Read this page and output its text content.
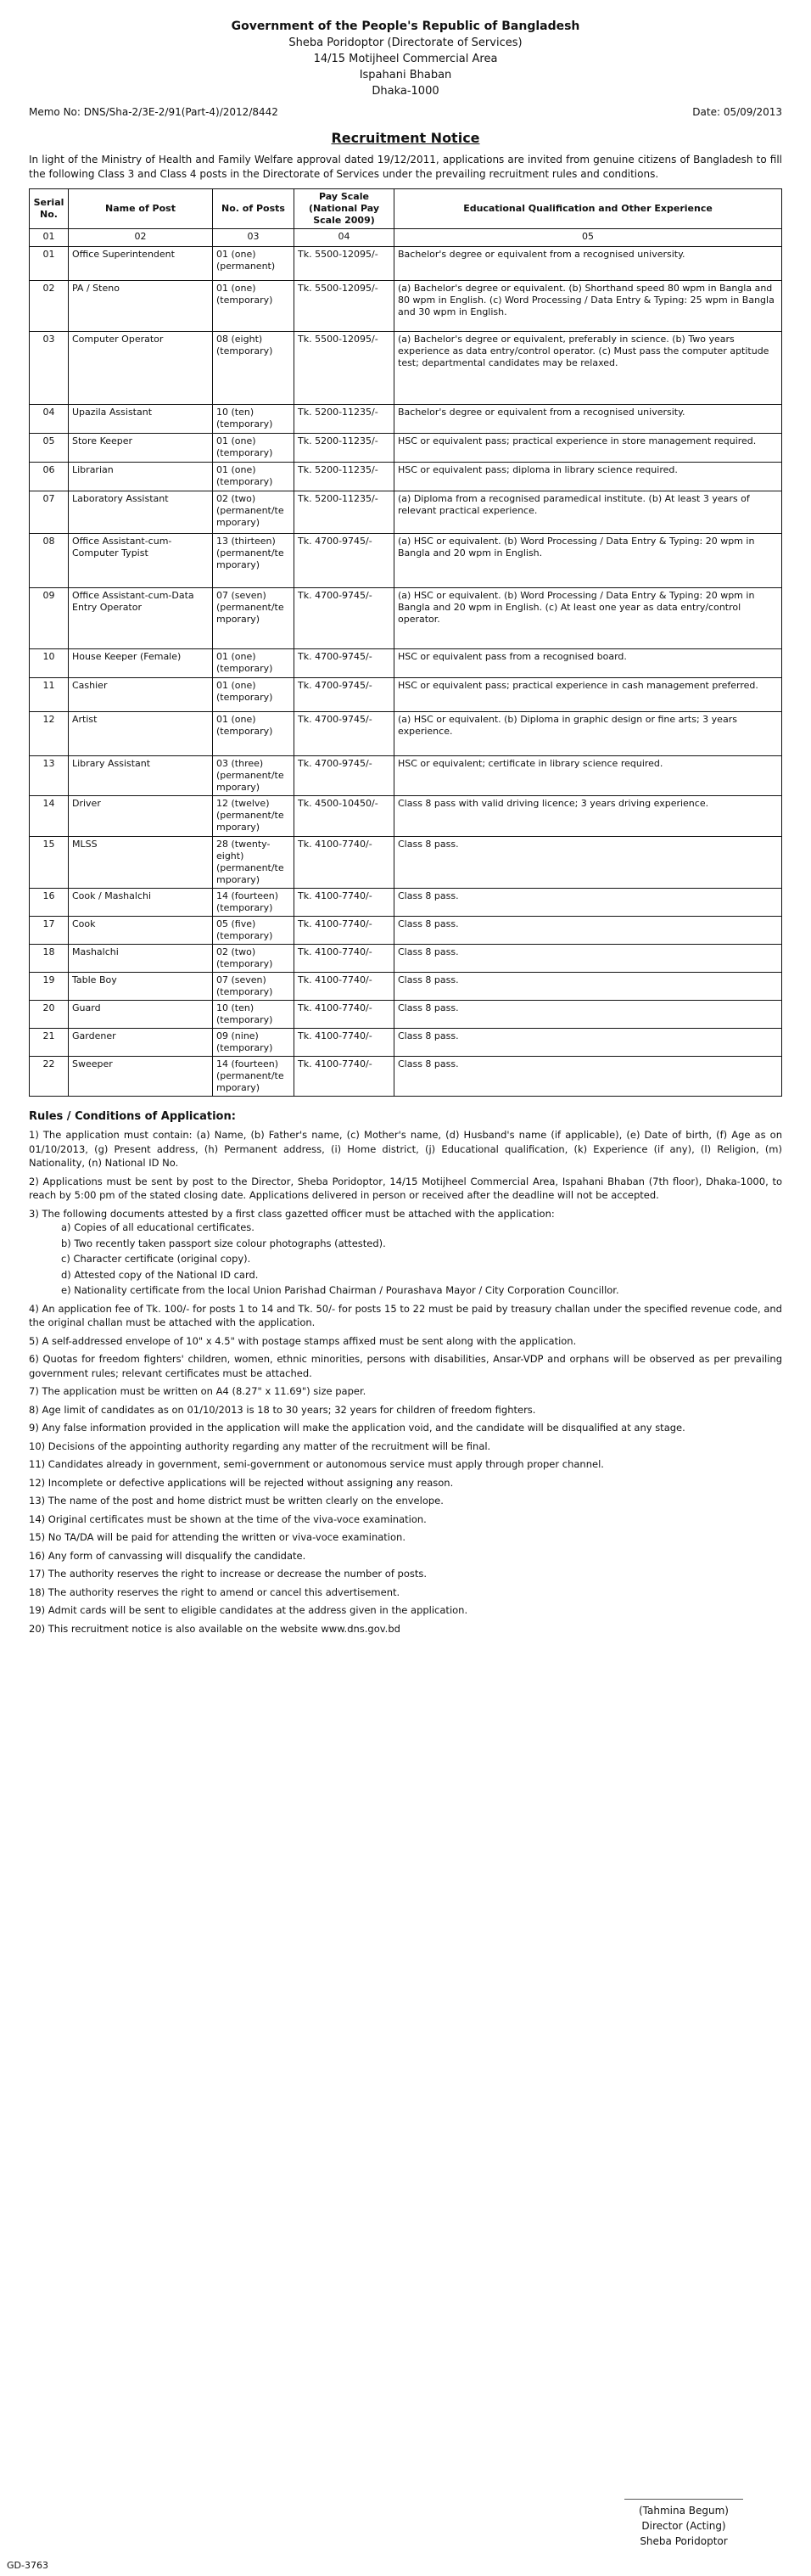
Government of the People's Republic of Bangladesh
Sheba Poridoptor (Directorate of Services)
14/15 Motijheel Commercial Area
Ispahani Bhaban
Dhaka-1000
Memo No: DNS/Sha-2/3E-2/91(Part-4)/2012/8442	Date: 05/09/2013
Recruitment Notice
In light of the Ministry of Health and Family Welfare approval dated 19/12/2011, applications are invited from genuine citizens of Bangladesh to fill the following Class 3 and Class 4 posts in the Directorate of Services under the prevailing recruitment rules and conditions.
Serial No.	Name of Post	No. of Posts	Pay Scale (National Pay Scale 2009)	Educational Qualification and Other Experience
01	02	03	04	05
01	Office Superintendent	01 (one) (permanent)	Tk. 5500-12095/-	Bachelor's degree or equivalent from a recognised university.
02	PA / Steno	01 (one) (temporary)	Tk. 5500-12095/-	(a) Bachelor's degree or equivalent. (b) Shorthand speed 80 wpm in Bangla and 80 wpm in English. (c) Word Processing / Data Entry & Typing: 25 wpm in Bangla and 30 wpm in English.
03	Computer Operator	08 (eight) (temporary)	Tk. 5500-12095/-	(a) Bachelor's degree or equivalent, preferably in science. (b) Two years experience as data entry/control operator. (c) Must pass the computer aptitude test; departmental candidates may be relaxed.
04	Upazila Assistant	10 (ten) (temporary)	Tk. 5200-11235/-	Bachelor's degree or equivalent from a recognised university.
05	Store Keeper	01 (one) (temporary)	Tk. 5200-11235/-	HSC or equivalent pass; practical experience in store management required.
06	Librarian	01 (one) (temporary)	Tk. 5200-11235/-	HSC or equivalent pass; diploma in library science required.
07	Laboratory Assistant	02 (two) (permanent/temporary)	Tk. 5200-11235/-	(a) Diploma from a recognised paramedical institute. (b) At least 3 years of relevant practical experience.
08	Office Assistant-cum-Computer Typist	13 (thirteen) (permanent/temporary)	Tk. 4700-9745/-	(a) HSC or equivalent. (b) Word Processing / Data Entry & Typing: 20 wpm in Bangla and 20 wpm in English.
09	Office Assistant-cum-Data Entry Operator	07 (seven) (permanent/temporary)	Tk. 4700-9745/-	(a) HSC or equivalent. (b) Word Processing / Data Entry & Typing: 20 wpm in Bangla and 20 wpm in English. (c) At least one year as data entry/control operator.
10	House Keeper (Female)	01 (one) (temporary)	Tk. 4700-9745/-	HSC or equivalent pass from a recognised board.
11	Cashier	01 (one) (temporary)	Tk. 4700-9745/-	HSC or equivalent pass; practical experience in cash management preferred.
12	Artist	01 (one) (temporary)	Tk. 4700-9745/-	(a) HSC or equivalent. (b) Diploma in graphic design or fine arts; 3 years experience.
13	Library Assistant	03 (three) (permanent/temporary)	Tk. 4700-9745/-	HSC or equivalent; certificate in library science required.
14	Driver	12 (twelve) (permanent/temporary)	Tk. 4500-10450/-	Class 8 pass with valid driving licence; 3 years driving experience.
15	MLSS	28 (twenty-eight) (permanent/temporary)	Tk. 4100-7740/-	Class 8 pass.
16	Cook / Mashalchi	14 (fourteen) (temporary)	Tk. 4100-7740/-	Class 8 pass.
17	Cook	05 (five) (temporary)	Tk. 4100-7740/-	Class 8 pass.
18	Mashalchi	02 (two) (temporary)	Tk. 4100-7740/-	Class 8 pass.
19	Table Boy	07 (seven) (temporary)	Tk. 4100-7740/-	Class 8 pass.
20	Guard	10 (ten) (temporary)	Tk. 4100-7740/-	Class 8 pass.
21	Gardener	09 (nine) (temporary)	Tk. 4100-7740/-	Class 8 pass.
22	Sweeper	14 (fourteen) (permanent/temporary)	Tk. 4100-7740/-	Class 8 pass.
Rules / Conditions of Application:
1) The application must contain: (a) Name, (b) Father's name, (c) Mother's name, (d) Husband's name (if applicable), (e) Date of birth, (f) Age as on 01/10/2013, (g) Present address, (h) Permanent address, (i) Home district, (j) Educational qualification, (k) Experience (if any), (l) Religion, (m) Nationality, (n) National ID No.
2) Applications must be sent by post to the Director, Sheba Poridoptor, 14/15 Motijheel Commercial Area, Ispahani Bhaban (7th floor), Dhaka-1000, to reach by 5:00 pm of the stated closing date. Applications delivered in person or received after the deadline will not be accepted.
3) The following documents attested by a first class gazetted officer must be attached with the application:
a) Copies of all educational certificates.
b) Two recently taken passport size colour photographs (attested).
c) Character certificate (original copy).
d) Attested copy of the National ID card.
e) Nationality certificate from the local Union Parishad Chairman / Pourashava Mayor / City Corporation Councillor.
4) An application fee of Tk. 100/- for posts 1 to 14 and Tk. 50/- for posts 15 to 22 must be paid by treasury challan under the specified revenue code, and the original challan must be attached with the application.
5) A self-addressed envelope of 10" x 4.5" with postage stamps affixed must be sent along with the application.
6) Quotas for freedom fighters' children, women, ethnic minorities, persons with disabilities, Ansar-VDP and orphans will be observed as per prevailing government rules; relevant certificates must be attached.
7) The application must be written on A4 (8.27" x 11.69") size paper.
8) Age limit of candidates as on 01/10/2013 is 18 to 30 years; 32 years for children of freedom fighters.
9) Any false information provided in the application will make the application void, and the candidate will be disqualified at any stage.
10) Decisions of the appointing authority regarding any matter of the recruitment will be final.
11) Candidates already in government, semi-government or autonomous service must apply through proper channel.
12) Incomplete or defective applications will be rejected without assigning any reason.
13) The name of the post and home district must be written clearly on the envelope.
14) Original certificates must be shown at the time of the viva-voce examination.
15) No TA/DA will be paid for attending the written or viva-voce examination.
16) Any form of canvassing will disqualify the candidate.
17) The authority reserves the right to increase or decrease the number of posts.
18) The authority reserves the right to amend or cancel this advertisement.
19) Admit cards will be sent to eligible candidates at the address given in the application.
20) This recruitment notice is also available on the website www.dns.gov.bd
(Tahmina Begum)
Director (Acting)
Sheba Poridoptor
GD-3763
